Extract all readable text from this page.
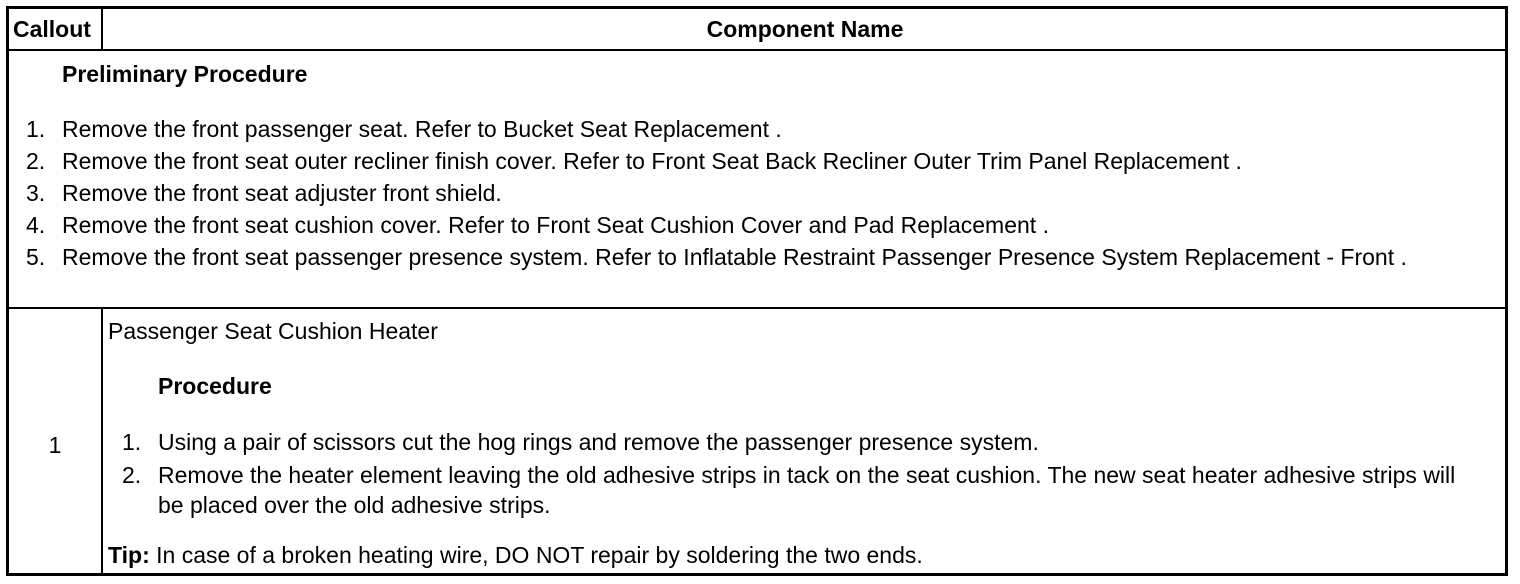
Callout	Component Name
Preliminary Procedure
1. Remove the front passenger seat. Refer to Bucket Seat Replacement .
2. Remove the front seat outer recliner finish cover. Refer to Front Seat Back Recliner Outer Trim Panel Replacement .
3. Remove the front seat adjuster front shield.
4. Remove the front seat cushion cover. Refer to Front Seat Cushion Cover and Pad Replacement .
5. Remove the front seat passenger presence system. Refer to Inflatable Restraint Passenger Presence System Replacement - Front .
1
Passenger Seat Cushion Heater
Procedure
1. Using a pair of scissors cut the hog rings and remove the passenger presence system.
2. Remove the heater element leaving the old adhesive strips in tack on the seat cushion. The new seat heater adhesive strips will be placed over the old adhesive strips.
Tip: In case of a broken heating wire, DO NOT repair by soldering the two ends.
